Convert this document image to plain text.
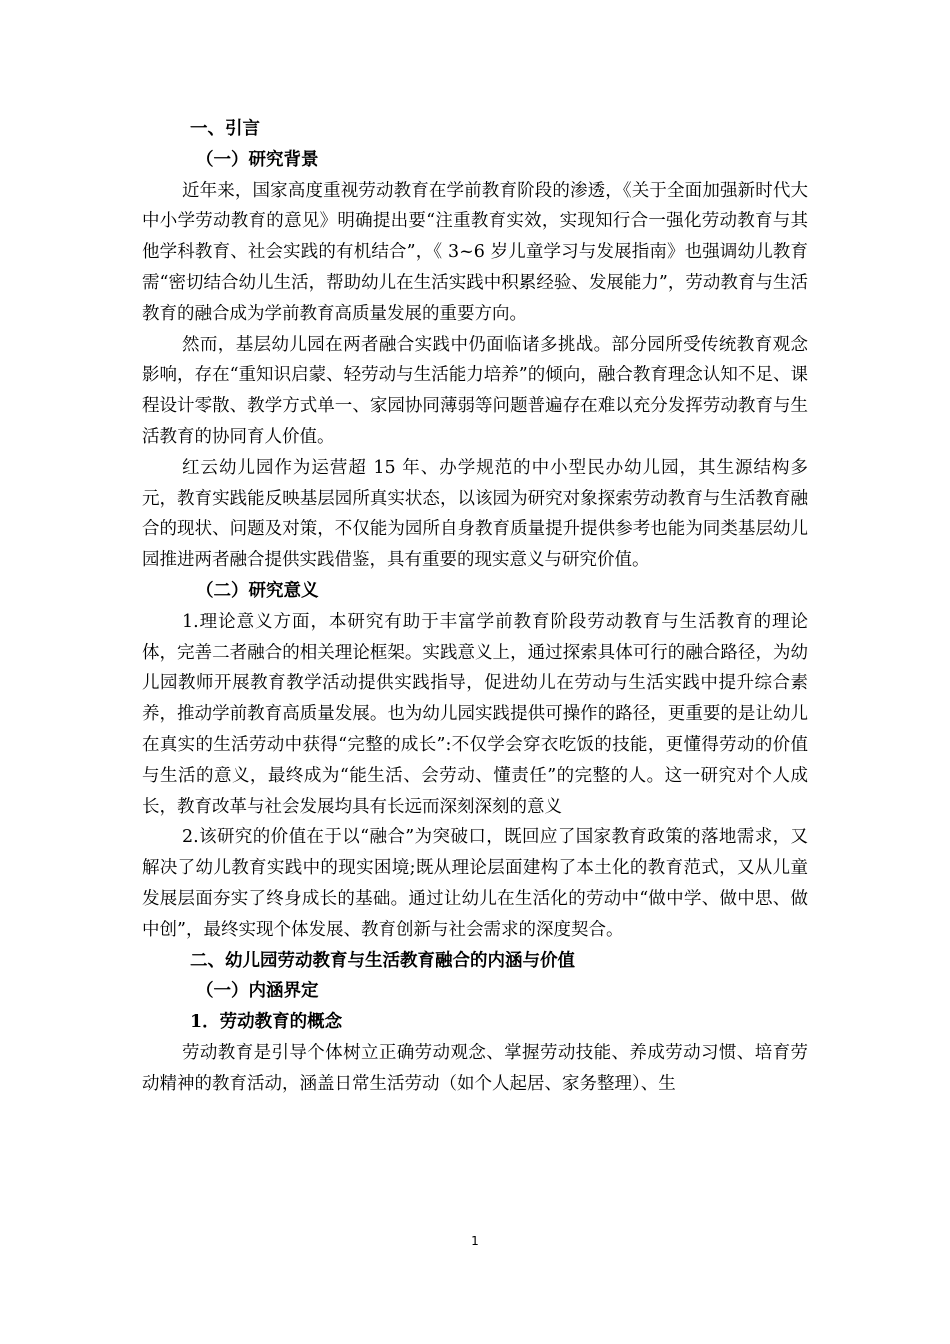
一、引言

（一）研究背景

近年来，国家高度重视劳动教育在学前教育阶段的渗透，《关于全面加强新时代大中小学劳动教育的意见》明确提出要“注重教育实效，实现知行合一强化劳动教育与其他学科教育、社会实践的有机结合”，《 3~6 岁儿童学习与发展指南》也强调幼儿教育需“密切结合幼儿生活，帮助幼儿在生活实践中积累经验、发展能力”，劳动教育与生活教育的融合成为学前教育高质量发展的重要方向。

然而，基层幼儿园在两者融合实践中仍面临诸多挑战。部分园所受传统教育观念影响，存在“重知识启蒙、轻劳动与生活能力培养”的倾向，融合教育理念认知不足、课程设计零散、教学方式单一、家园协同薄弱等问题普遍存在难以充分发挥劳动教育与生活教育的协同育人价值。

红云幼儿园作为运营超 15 年、办学规范的中小型民办幼儿园，其生源结构多元，教育实践能反映基层园所真实状态，以该园为研究对象探索劳动教育与生活教育融合的现状、问题及对策，不仅能为园所自身教育质量提升提供参考也能为同类基层幼儿园推进两者融合提供实践借鉴，具有重要的现实意义与研究价值。

（二）研究意义

1.理论意义方面，本研究有助于丰富学前教育阶段劳动教育与生活教育的理论体，完善二者融合的相关理论框架。实践意义上，通过探索具体可行的融合路径，为幼儿园教师开展教育教学活动提供实践指导，促进幼儿在劳动与生活实践中提升综合素养，推动学前教育高质量发展。也为幼儿园实践提供可操作的路径，更重要的是让幼儿在真实的生活劳动中获得“完整的成长”:不仅学会穿衣吃饭的技能，更懂得劳动的价值与生活的意义，最终成为“能生活、会劳动、懂责任”的完整的人。这一研究对个人成长，教育改革与社会发展均具有长远而深刻深刻的意义

2.该研究的价值在于以“融合”为突破口，既回应了国家教育政策的落地需求，又解决了幼儿教育实践中的现实困境;既从理论层面建构了本土化的教育范式，又从儿童发展层面夯实了终身成长的基础。通过让幼儿在生活化的劳动中“做中学、做中思、做中创”，最终实现个体发展、教育创新与社会需求的深度契合。

二、幼儿园劳动教育与生活教育融合的内涵与价值

（一）内涵界定

1．劳动教育的概念

劳动教育是引导个体树立正确劳动观念、掌握劳动技能、养成劳动习惯、培育劳动精神的教育活动，涵盖日常生活劳动（如个人起居、家务整理）、生

1
